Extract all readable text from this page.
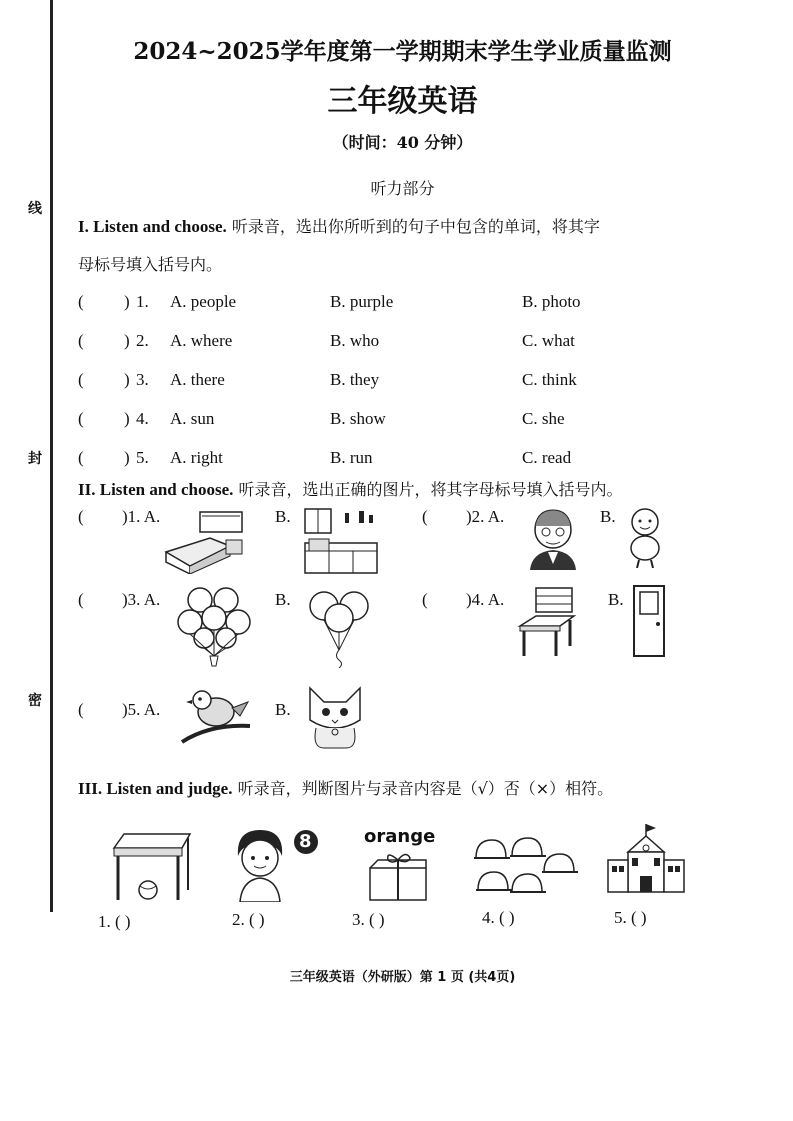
线
封
密
2024~2025学年度第一学期期末学生学业质量监测
三年级英语
（时间：40 分钟）
听力部分
I. Listen and choose. 听录音，选出你所听到的句子中包含的单词，将其字
母标号填入括号内。
( ) 1. A. people	B. purple	B. photo
( ) 2. A. where	B. who	C. what
( ) 3. A. there	B. they	C. think
( ) 4. A. sun	B. show	C. she
( ) 5. A. right	B. run	C. read
II. Listen and choose. 听录音，选出正确的图片，将其字母标号填入括号内。
( )1. A.	B.	( )2. A.	B.
( )3. A.	B.	( )4. A.	B.
( )5. A.	B.
III. Listen and judge. 听录音，判断图片与录音内容是（√）否（×）相符。
8	orange
1. ( )	2. ( )	3. ( )	4. ( )	5. ( )
三年级英语（外研版）第 1 页 (共4页)
